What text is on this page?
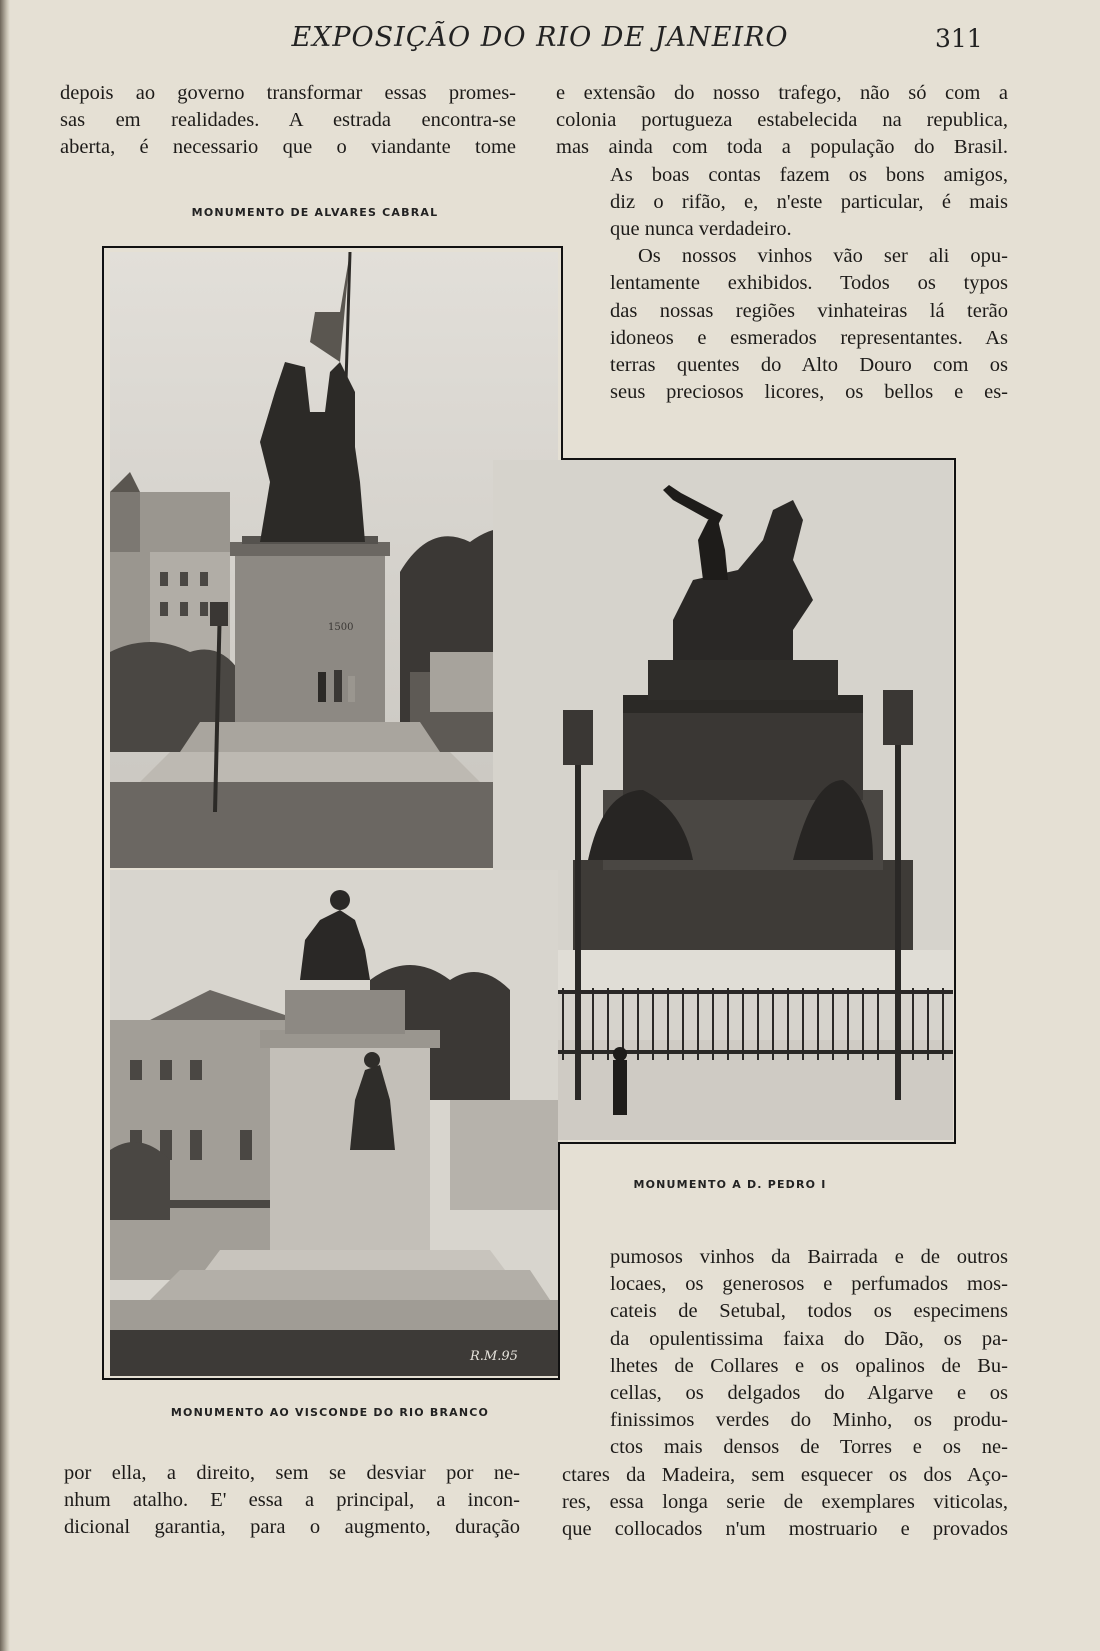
EXPOSIÇÃO DO RIO DE JANEIRO	311
depois ao governo transformar essas promes-
sas em realidades. A estrada encontra-se
aberta, é necessario que o viandante tome
MONUMENTO DE ALVARES CABRAL
e extensão do nosso trafego, não só com a
colonia portugueza estabelecida na republica,
mas ainda com toda a população do Brasil.
As boas contas fazem os bons amigos,
diz o rifão, e, n'este particular, é mais
que nunca verdadeiro.
Os nossos vinhos vão ser ali opu-
lentamente exhibidos. Todos os typos
das nossas regiões vinhateiras lá terão
idoneos e esmerados representantes. As
terras quentes do Alto Douro com os
seus preciosos licores, os bellos e es-
1500
R.M.95
MONUMENTO A D. PEDRO I
MONUMENTO AO VISCONDE DO RIO BRANCO
pumosos vinhos da Bairrada e de outros
locaes, os generosos e perfumados mos-
cateis de Setubal, todos os especimens
da opulentissima faixa do Dão, os pa-
lhetes de Collares e os opalinos de Bu-
cellas, os delgados do Algarve e os
finissimos verdes do Minho, os produ-
ctos mais densos de Torres e os ne-
ctares da Madeira, sem esquecer os dos Aço-
res, essa longa serie de exemplares viticolas,
que collocados n'um mostruario e provados
por ella, a direito, sem se desviar por ne-
nhum atalho. E' essa a principal, a incon-
dicional garantia, para o augmento, duração
